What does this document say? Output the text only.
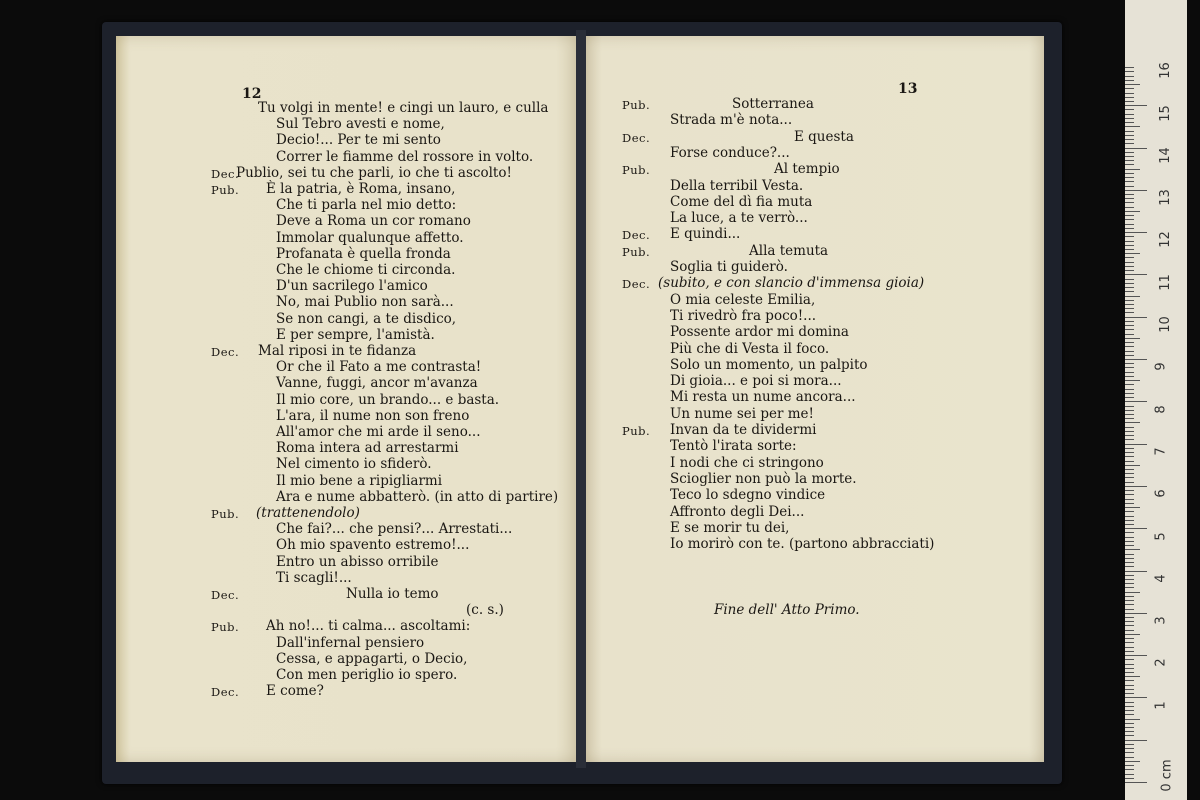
12
Tu volgi in mente! e cingi un lauro, e culla
Sul Tebro avesti e nome,
Decio!... Per te mi sento
Correr le fiamme del rossore in volto.
Dec.
Publio, sei tu che parli, io che ti ascolto!
Pub. È la patria, è Roma, insano,
Che ti parla nel mio detto:
Deve a Roma un cor romano
Immolar qualunque affetto.
Profanata è quella fronda
Che le chiome ti circonda.
D'un sacrilego l'amico
No, mai Publio non sarà...
Se non cangi, a te disdico,
E per sempre, l'amistà.
Dec. Mal riposi in te fidanza
Or che il Fato a me contrasta!
Vanne, fuggi, ancor m'avanza
Il mio core, un brando... e basta.
L'ara, il nume non son freno
All'amor che mi arde il seno...
Roma intera ad arrestarmi
Nel cimento io sfiderò.
Il mio bene a ripigliarmi
Ara e nume abbatterò. (in atto di partire)
Pub. (trattenendolo)
Che fai?... che pensi?... Arrestati...
Oh mio spavento estremo!...
Entro un abisso orribile
Ti scagli!...
Dec.	Nulla io temo
(c. s.)
Pub. Ah no!... ti calma... ascoltami:
Dall'infernal pensiero
Cessa, e appagarti, o Decio,
Con men periglio io spero.
Dec. E come?
13
Fine dell' Atto Primo.
Pub.	Sotterranea
Strada m'è nota...
Dec.	E questa
Forse conduce?...
Pub.	Al tempio
Della terribil Vesta.
Come del dì fia muta
La luce, a te verrò...
Dec. E quindi...
Pub.	Alla temuta
Soglia ti guiderò.
Dec. (subito, e con slancio d'immensa gioia)
O mia celeste Emilia,
Ti rivedrò fra poco!...
Possente ardor mi domina
Più che di Vesta il foco.
Solo un momento, un palpito
Di gioia... e poi si mora...
Mi resta un nume ancora...
Un nume sei per me!
Pub. Invan da te dividermi
Tentò l'irata sorte:
I nodi che ci stringono
Scioglier non può la morte.
Teco lo sdegno vindice
Affronto degli Dei...
E se morir tu dei,
Io morirò con te. (partono abbracciati)
0 cm
1
2
3
4
5
6
7
8
9
10
11
12
13
14
15
16
